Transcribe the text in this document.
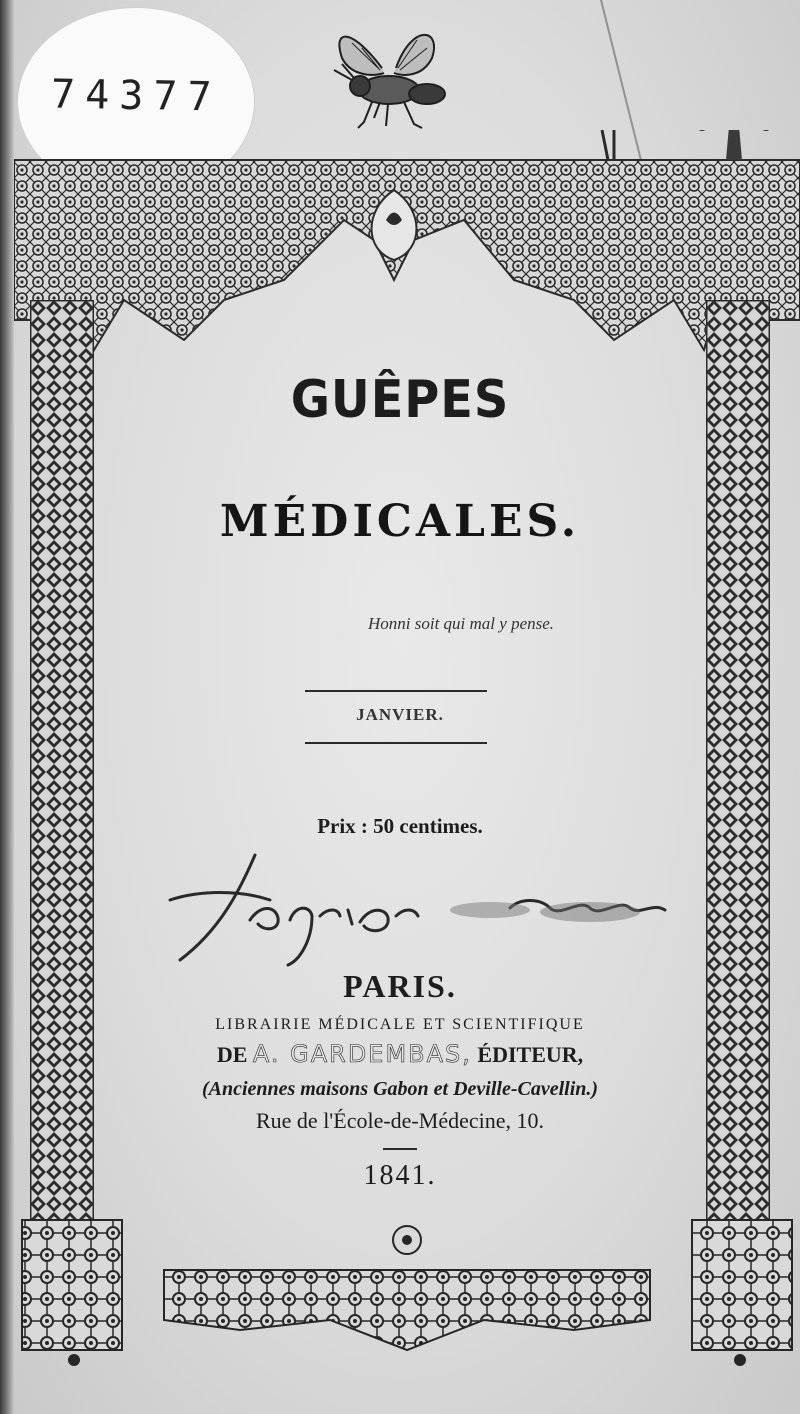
74377
GUÊPES
MÉDICALES.

Honni soit qui mal y pense.

JANVIER.

Prix : 50 centimes.

PARIS.

LIBRAIRIE MÉDICALE ET SCIENTIFIQUE

DE A. GARDEMBAS, ÉDITEUR,

(Anciennes maisons Gabon et Deville-Cavellin.)

Rue de l'École-de-Médecine, 10.

1841.
